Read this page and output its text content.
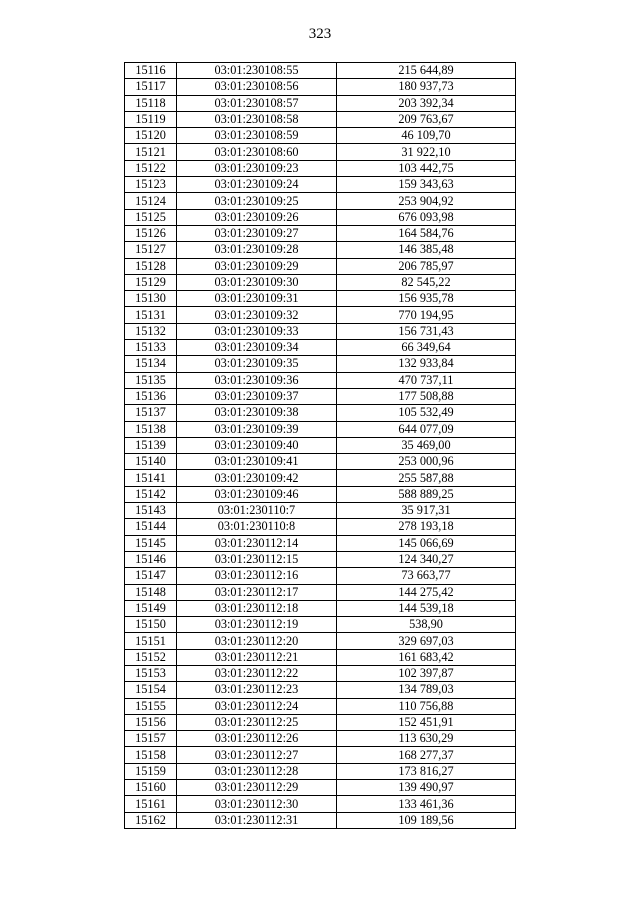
323
15116	03:01:230108:55	215 644,89
15117	03:01:230108:56	180 937,73
15118	03:01:230108:57	203 392,34
15119	03:01:230108:58	209 763,67
15120	03:01:230108:59	46 109,70
15121	03:01:230108:60	31 922,10
15122	03:01:230109:23	103 442,75
15123	03:01:230109:24	159 343,63
15124	03:01:230109:25	253 904,92
15125	03:01:230109:26	676 093,98
15126	03:01:230109:27	164 584,76
15127	03:01:230109:28	146 385,48
15128	03:01:230109:29	206 785,97
15129	03:01:230109:30	82 545,22
15130	03:01:230109:31	156 935,78
15131	03:01:230109:32	770 194,95
15132	03:01:230109:33	156 731,43
15133	03:01:230109:34	66 349,64
15134	03:01:230109:35	132 933,84
15135	03:01:230109:36	470 737,11
15136	03:01:230109:37	177 508,88
15137	03:01:230109:38	105 532,49
15138	03:01:230109:39	644 077,09
15139	03:01:230109:40	35 469,00
15140	03:01:230109:41	253 000,96
15141	03:01:230109:42	255 587,88
15142	03:01:230109:46	588 889,25
15143	03:01:230110:7	35 917,31
15144	03:01:230110:8	278 193,18
15145	03:01:230112:14	145 066,69
15146	03:01:230112:15	124 340,27
15147	03:01:230112:16	73 663,77
15148	03:01:230112:17	144 275,42
15149	03:01:230112:18	144 539,18
15150	03:01:230112:19	538,90
15151	03:01:230112:20	329 697,03
15152	03:01:230112:21	161 683,42
15153	03:01:230112:22	102 397,87
15154	03:01:230112:23	134 789,03
15155	03:01:230112:24	110 756,88
15156	03:01:230112:25	152 451,91
15157	03:01:230112:26	113 630,29
15158	03:01:230112:27	168 277,37
15159	03:01:230112:28	173 816,27
15160	03:01:230112:29	139 490,97
15161	03:01:230112:30	133 461,36
15162	03:01:230112:31	109 189,56
